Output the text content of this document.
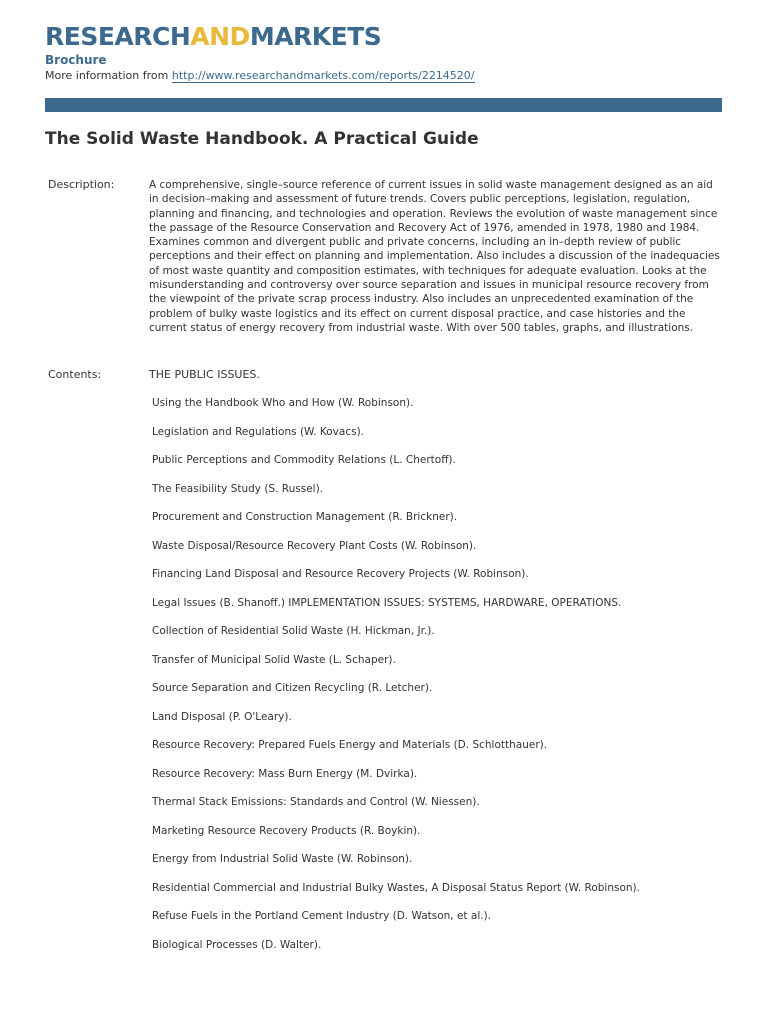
RESEARCHANDMARKETS
Brochure
More information from http://www.researchandmarkets.com/reports/2214520/
The Solid Waste Handbook. A Practical Guide
Description:	A comprehensive, single–source reference of current issues in solid waste management designed as an aid in decision–making and assessment of future trends. Covers public perceptions, legislation, regulation, planning and financing, and technologies and operation. Reviews the evolution of waste management since the passage of the Resource Conservation and Recovery Act of 1976, amended in 1978, 1980 and 1984. Examines common and divergent public and private concerns, including an in–depth review of public perceptions and their effect on planning and implementation. Also includes a discussion of the inadequacies of most waste quantity and composition estimates, with techniques for adequate evaluation. Looks at the misunderstanding and controversy over source separation and issues in municipal resource recovery from the viewpoint of the private scrap process industry. Also includes an unprecedented examination of the problem of bulky waste logistics and its effect on current disposal practice, and case histories and the current status of energy recovery from industrial waste. With over 500 tables, graphs, and illustrations.
Contents:	THE PUBLIC ISSUES.
Using the Handbook Who and How (W. Robinson).
Legislation and Regulations (W. Kovacs).
Public Perceptions and Commodity Relations (L. Chertoff).
The Feasibility Study (S. Russel).
Procurement and Construction Management (R. Brickner).
Waste Disposal/Resource Recovery Plant Costs (W. Robinson).
Financing Land Disposal and Resource Recovery Projects (W. Robinson).
Legal Issues (B. Shanoff.) IMPLEMENTATION ISSUES: SYSTEMS, HARDWARE, OPERATIONS.
Collection of Residential Solid Waste (H. Hickman, Jr.).
Transfer of Municipal Solid Waste (L. Schaper).
Source Separation and Citizen Recycling (R. Letcher).
Land Disposal (P. O'Leary).
Resource Recovery: Prepared Fuels Energy and Materials (D. Schlotthauer).
Resource Recovery: Mass Burn Energy (M. Dvirka).
Thermal Stack Emissions: Standards and Control (W. Niessen).
Marketing Resource Recovery Products (R. Boykin).
Energy from Industrial Solid Waste (W. Robinson).
Residential Commercial and Industrial Bulky Wastes, A Disposal Status Report (W. Robinson).
Refuse Fuels in the Portland Cement Industry (D. Watson, et al.).
Biological Processes (D. Walter).
